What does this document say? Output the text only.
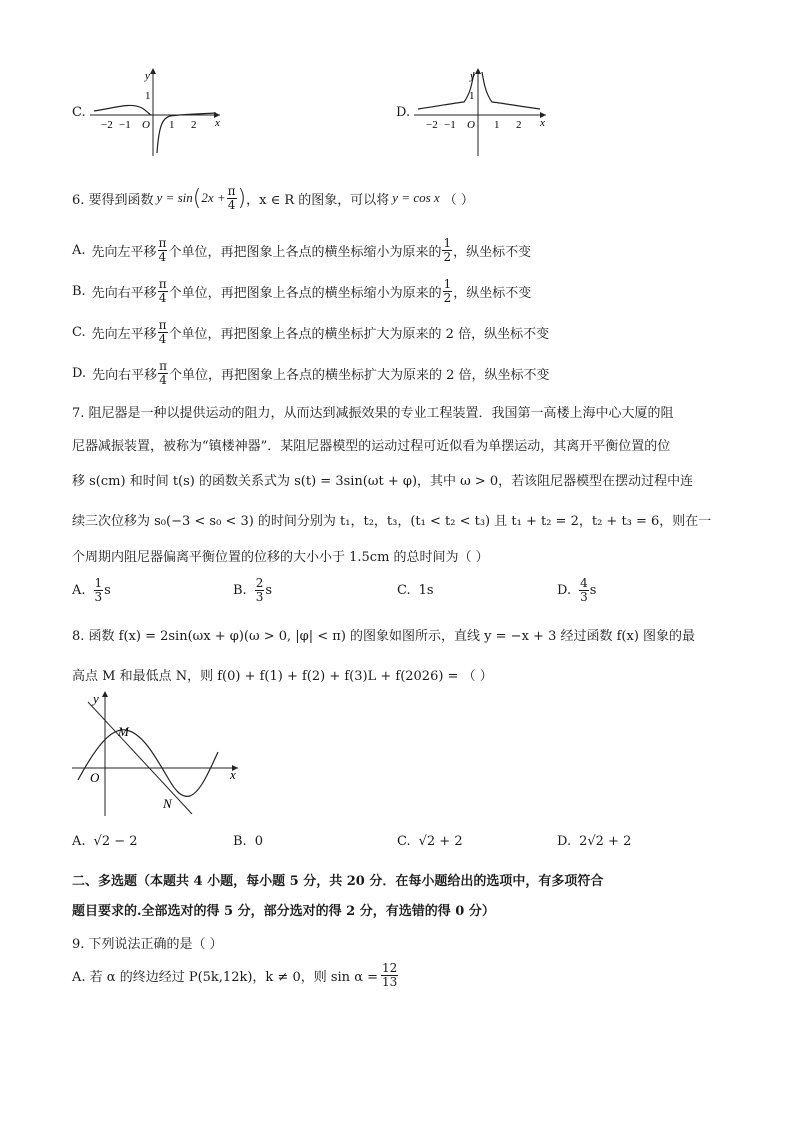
C.
y
x
1
−2 −1 O 1 2
D.
y
x
1
−2 −1 O 1 2
6. 要得到函数 y = sin ( $2x + \frac{\pi}{4}$ ) ，x ∈ R 的图象，可以将 y = cos x （ ）
A. 先向左平移 $\frac{\pi}{4}$ 个单位，再把图象上各点的横坐标缩小为原来的 $\frac{1}{2}$ ，纵坐标不变
B. 先向右平移 $\frac{\pi}{4}$ 个单位，再把图象上各点的横坐标缩小为原来的 $\frac{1}{2}$ ，纵坐标不变
C. 先向左平移 $\frac{\pi}{4}$ 个单位，再把图象上各点的横坐标扩大为原来的 2 倍，纵坐标不变
D. 先向右平移 $\frac{\pi}{4}$ 个单位，再把图象上各点的横坐标扩大为原来的 2 倍，纵坐标不变
7. 阻尼器是一种以提供运动的阻力，从而达到减振效果的专业工程装置．我国第一高楼上海中心大厦的阻
尼器减振装置，被称为“镇楼神器”．某阻尼器模型的运动过程可近似看为单摆运动，其离开平衡位置的位
移 s(cm) 和时间 t(s) 的函数关系式为 s(t) = 3sin(ωt + φ)，其中 ω > 0，若该阻尼器模型在摆动过程中连
续三次位移为 s₀(−3 < s₀ < 3) 的时间分别为 t₁，t₂，t₃，(t₁ < t₂ < t₃) 且 t₁ + t₂ = 2，t₂ + t₃ = 6，则在一
个周期内阻尼器偏离平衡位置的位移的大小小于 1.5cm 的总时间为（ ）
A. $\frac{1}{3}$ s	B. $\frac{2}{3}$ s	C. 1s	D. $\frac{4}{3}$ s
8. 函数 f(x) = 2sin(ωx + φ)(ω > 0, |φ| < π) 的图象如图所示，直线 y = −x + 3 经过函数 f(x) 图象的最
高点 M 和最低点 N，则 f(0) + f(1) + f(2) + f(3)L + f(2026) = （ ）
y
x
O
M
N
A. √2 − 2	B. 0	C. √2 + 2	D. 2√2 + 2
二、多选题（本题共 4 小题，每小题 5 分，共 20 分．在每小题给出的选项中，有多项符合
题目要求的.全部选对的得 5 分，部分选对的得 2 分，有选错的得 0 分）
9. 下列说法正确的是（ ）
A. 若 α 的终边经过 P(5k,12k)，k ≠ 0，则 $\sin \alpha = \frac{12}{13}$
